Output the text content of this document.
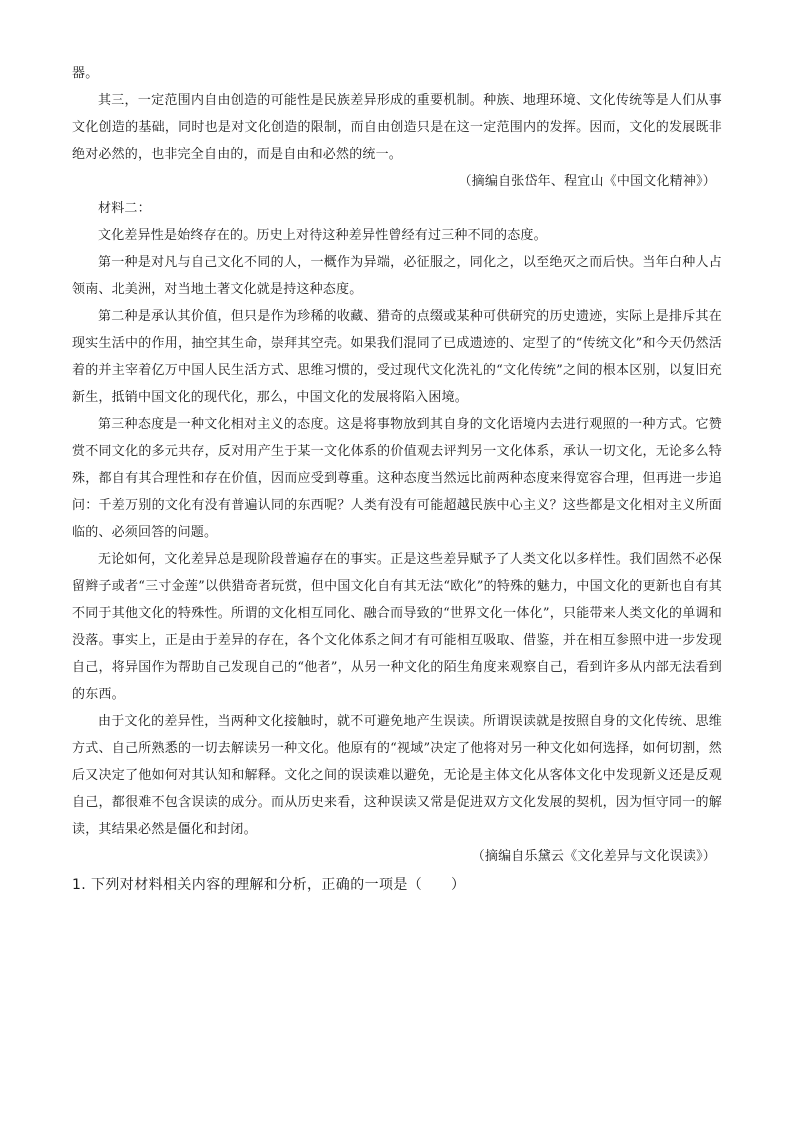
器。

其三，一定范围内自由创造的可能性是民族差异形成的重要机制。种族、地理环境、文化传统等是人们从事文化创造的基础，同时也是对文化创造的限制，而自由创造只是在这一定范围内的发挥。因而，文化的发展既非绝对必然的，也非完全自由的，而是自由和必然的统一。

（摘编自张岱年、程宜山《中国文化精神》）

材料二：

文化差异性是始终存在的。历史上对待这种差异性曾经有过三种不同的态度。

第一种是对凡与自己文化不同的人，一概作为异端，必征服之，同化之，以至绝灭之而后快。当年白种人占领南、北美洲，对当地土著文化就是持这种态度。

第二种是承认其价值，但只是作为珍稀的收藏、猎奇的点缀或某种可供研究的历史遗迹，实际上是排斥其在现实生活中的作用，抽空其生命，崇拜其空壳。如果我们混同了已成遗迹的、定型了的“传统文化”和今天仍然活着的并主宰着亿万中国人民生活方式、思维习惯的，受过现代文化洗礼的“文化传统”之间的根本区别，以复旧充新生，抵销中国文化的现代化，那么，中国文化的发展将陷入困境。

第三种态度是一种文化相对主义的态度。这是将事物放到其自身的文化语境内去进行观照的一种方式。它赞赏不同文化的多元共存，反对用产生于某一文化体系的价值观去评判另一文化体系，承认一切文化，无论多么特殊，都自有其合理性和存在价值，因而应受到尊重。这种态度当然远比前两种态度来得宽容合理，但再进一步追问：千差万别的文化有没有普遍认同的东西呢？人类有没有可能超越民族中心主义？这些都是文化相对主义所面临的、必须回答的问题。

无论如何，文化差异总是现阶段普遍存在的事实。正是这些差异赋予了人类文化以多样性。我们固然不必保留辫子或者“三寸金莲”以供猎奇者玩赏，但中国文化自有其无法“欧化”的特殊的魅力，中国文化的更新也自有其不同于其他文化的特殊性。所谓的文化相互同化、融合而导致的“世界文化一体化”，只能带来人类文化的单调和没落。事实上，正是由于差异的存在，各个文化体系之间才有可能相互吸取、借鉴，并在相互参照中进一步发现自己，将异国作为帮助自己发现自己的“他者”，从另一种文化的陌生角度来观察自己，看到许多从内部无法看到的东西。

由于文化的差异性，当两种文化接触时，就不可避免地产生误读。所谓误读就是按照自身的文化传统、思维方式、自己所熟悉的一切去解读另一种文化。他原有的“视域”决定了他将对另一种文化如何选择，如何切割，然后又决定了他如何对其认知和解释。文化之间的误读难以避免，无论是主体文化从客体文化中发现新义还是反观自己，都很难不包含误读的成分。而从历史来看，这种误读又常是促进双方文化发展的契机，因为恒守同一的解读，其结果必然是僵化和封闭。

（摘编自乐黛云《文化差异与文化误读》）

1. 下列对材料相关内容的理解和分析，正确的一项是（　　）
